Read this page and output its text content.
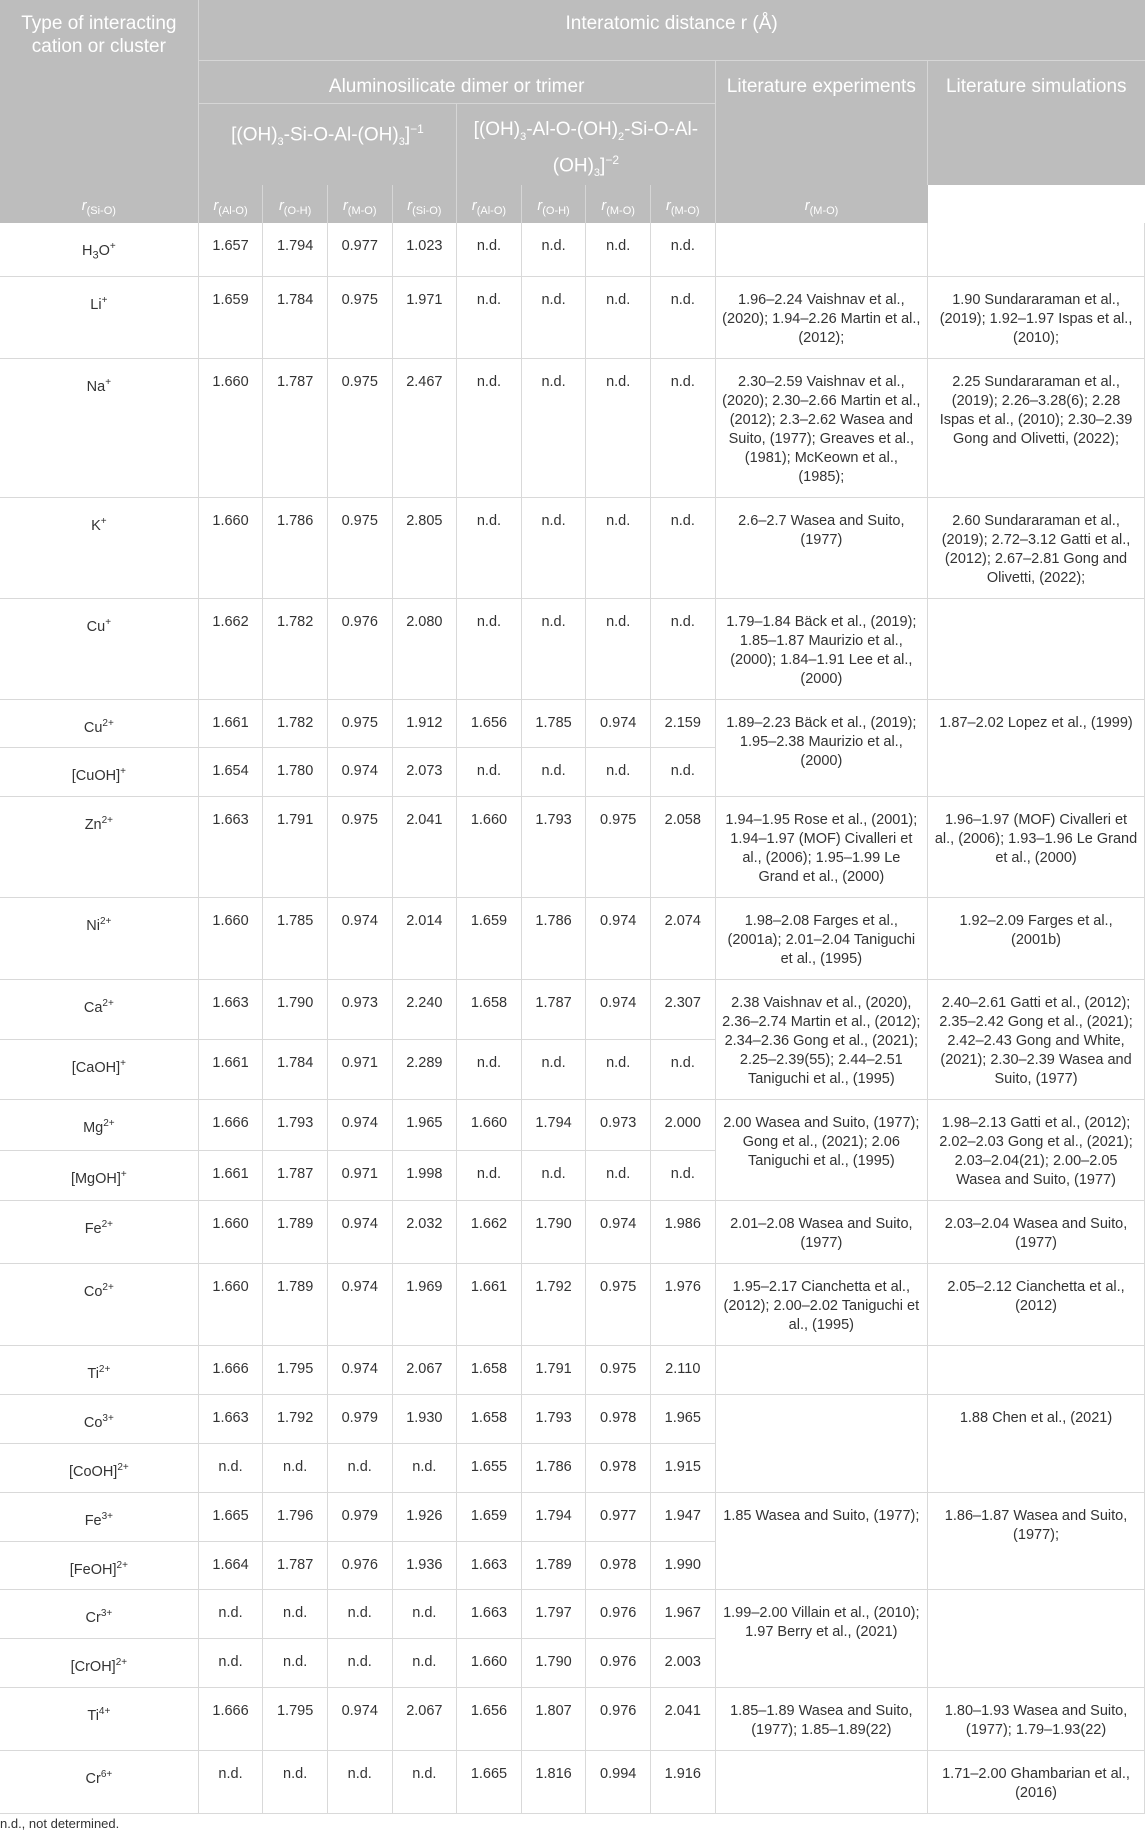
Type of interacting cation or cluster	Interatomic distance r (Å)									
	Aluminosilicate dimer or trimer								Literature experiments	Literature simulations
	$[(OH)_3-Si-O-Al-(OH)_3]^{-1}$				$[(OH)_3-Al-O-(OH)_2-Si-O-Al-(OH)_3]^{-2}$
$r_{(Si-O)}$	$r_{(Al-O)}$	$r_{(O-H)}$	$r_{(M-O)}$	$r_{(Si-O)}$	$r_{(Al-O)}$	$r_{(O-H)}$	$r_{(M-O)}$	$r_{(M-O)}$	$r_{(M-O)}$
$H_3O^+$	1.657	1.794	0.977	1.023	n.d.	n.d.	n.d.	n.d.		
Li+	1.659	1.784	0.975	1.971	n.d.	n.d.	n.d.	n.d.	1.96–2.24 Vaishnav et al., (2020); 1.94–2.26 Martin et al., (2012);	1.90 Sundararaman et al., (2019); 1.92–1.97 Ispas et al., (2010);
Na+	1.660	1.787	0.975	2.467	n.d.	n.d.	n.d.	n.d.	2.30–2.59 Vaishnav et al., (2020); 2.30–2.66 Martin et al., (2012); 2.3–2.62 Wasea and Suito, (1977); Greaves et al., (1981); McKeown et al., (1985);	2.25 Sundararaman et al., (2019); 2.26–3.28(6); 2.28 Ispas et al., (2010); 2.30–2.39 Gong and Olivetti, (2022);
K+	1.660	1.786	0.975	2.805	n.d.	n.d.	n.d.	n.d.	2.6–2.7 Wasea and Suito, (1977)	2.60 Sundararaman et al., (2019); 2.72–3.12 Gatti et al., (2012); 2.67–2.81 Gong and Olivetti, (2022);
Cu+	1.662	1.782	0.976	2.080	n.d.	n.d.	n.d.	n.d.	1.79–1.84 Bäck et al., (2019); 1.85–1.87 Maurizio et al., (2000); 1.84–1.91 Lee et al., (2000)	
$Cu^{2+}$	1.661	1.782	0.975	1.912	1.656	1.785	0.974	2.159	1.89–2.23 Bäck et al., (2019); 1.95–2.38 Maurizio et al., (2000)	1.87–2.02 Lopez et al., (1999)
[CuOH]+	1.654	1.780	0.974	2.073	n.d.	n.d.	n.d.	n.d.		
$Zn^{2+}$	1.663	1.791	0.975	2.041	1.660	1.793	0.975	2.058	1.94–1.95 Rose et al., (2001); 1.94–1.97 (MOF) Civalleri et al., (2006); 1.95–1.99 Le Grand et al., (2000)	1.96–1.97 (MOF) Civalleri et al., (2006); 1.93–1.96 Le Grand et al., (2000)
$Ni^{2+}$	1.660	1.785	0.974	2.014	1.659	1.786	0.974	2.074	1.98–2.08 Farges et al., (2001a); 2.01–2.04 Taniguchi et al., (1995)	1.92–2.09 Farges et al., (2001b)
$Ca^{2+}$	1.663	1.790	0.973	2.240	1.658	1.787	0.974	2.307	2.38 Vaishnav et al., (2020), 2.36–2.74 Martin et al., (2012); 2.34–2.36 Gong et al., (2021); 2.25–2.39(55); 2.44–2.51 Taniguchi et al., (1995)	2.40–2.61 Gatti et al., (2012); 2.35–2.42 Gong et al., (2021); 2.42–2.43 Gong and White, (2021); 2.30–2.39 Wasea and Suito, (1977)
[CaOH]+	1.661	1.784	0.971	2.289	n.d.	n.d.	n.d.	n.d.		
$Mg^{2+}$	1.666	1.793	0.974	1.965	1.660	1.794	0.973	2.000	2.00 Wasea and Suito, (1977); Gong et al., (2021); 2.06 Taniguchi et al., (1995)	1.98–2.13 Gatti et al., (2012); 2.02–2.03 Gong et al., (2021); 2.03–2.04(21); 2.00–2.05 Wasea and Suito, (1977)
[MgOH]+	1.661	1.787	0.971	1.998	n.d.	n.d.	n.d.	n.d.		
$Fe^{2+}$	1.660	1.789	0.974	2.032	1.662	1.790	0.974	1.986	2.01–2.08 Wasea and Suito, (1977)	2.03–2.04 Wasea and Suito, (1977)
$Co^{2+}$	1.660	1.789	0.974	1.969	1.661	1.792	0.975	1.976	1.95–2.17 Cianchetta et al., (2012); 2.00–2.02 Taniguchi et al., (1995)	2.05–2.12 Cianchetta et al., (2012)
$Ti^{2+}$	1.666	1.795	0.974	2.067	1.658	1.791	0.975	2.110		
$Co^{3+}$	1.663	1.792	0.979	1.930	1.658	1.793	0.978	1.965		1.88 Chen et al., (2021)
[CoOH]$^{2+}$	n.d.	n.d.	n.d.	n.d.	1.655	1.786	0.978	1.915		
$Fe^{3+}$	1.665	1.796	0.979	1.926	1.659	1.794	0.977	1.947	1.85 Wasea and Suito, (1977);	1.86–1.87 Wasea and Suito, (1977);
[FeOH]$^{2+}$	1.664	1.787	0.976	1.936	1.663	1.789	0.978	1.990		
$Cr^{3+}$	n.d.	n.d.	n.d.	n.d.	1.663	1.797	0.976	1.967	1.99–2.00 Villain et al., (2010); 1.97 Berry et al., (2021)	
[CrOH]$^{2+}$	n.d.	n.d.	n.d.	n.d.	1.660	1.790	0.976	2.003		
$Ti^{4+}$	1.666	1.795	0.974	2.067	1.656	1.807	0.976	2.041	1.85–1.89 Wasea and Suito, (1977); 1.85–1.89(22)	1.80–1.93 Wasea and Suito, (1977); 1.79–1.93(22)
$Cr^{6+}$	n.d.	n.d.	n.d.	n.d.	1.665	1.816	0.994	1.916		1.71–2.00 Ghambarian et al., (2016)
n.d., not determined.
